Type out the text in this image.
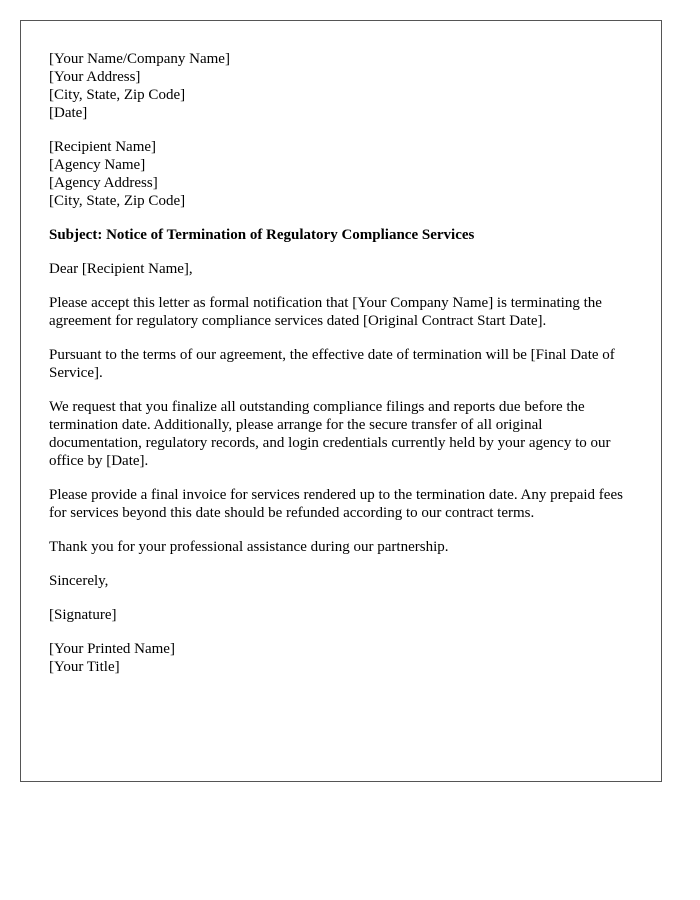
[Your Name/Company Name]
[Your Address]
[City, State, Zip Code]
[Date]
[Recipient Name]
[Agency Name]
[Agency Address]
[City, State, Zip Code]
Subject: Notice of Termination of Regulatory Compliance Services
Dear [Recipient Name],
Please accept this letter as formal notification that [Your Company Name] is terminating the agreement for regulatory compliance services dated [Original Contract Start Date].
Pursuant to the terms of our agreement, the effective date of termination will be [Final Date of Service].
We request that you finalize all outstanding compliance filings and reports due before the termination date. Additionally, please arrange for the secure transfer of all original documentation, regulatory records, and login credentials currently held by your agency to our office by [Date].
Please provide a final invoice for services rendered up to the termination date. Any prepaid fees for services beyond this date should be refunded according to our contract terms.
Thank you for your professional assistance during our partnership.
Sincerely,
[Signature]
[Your Printed Name]
[Your Title]
